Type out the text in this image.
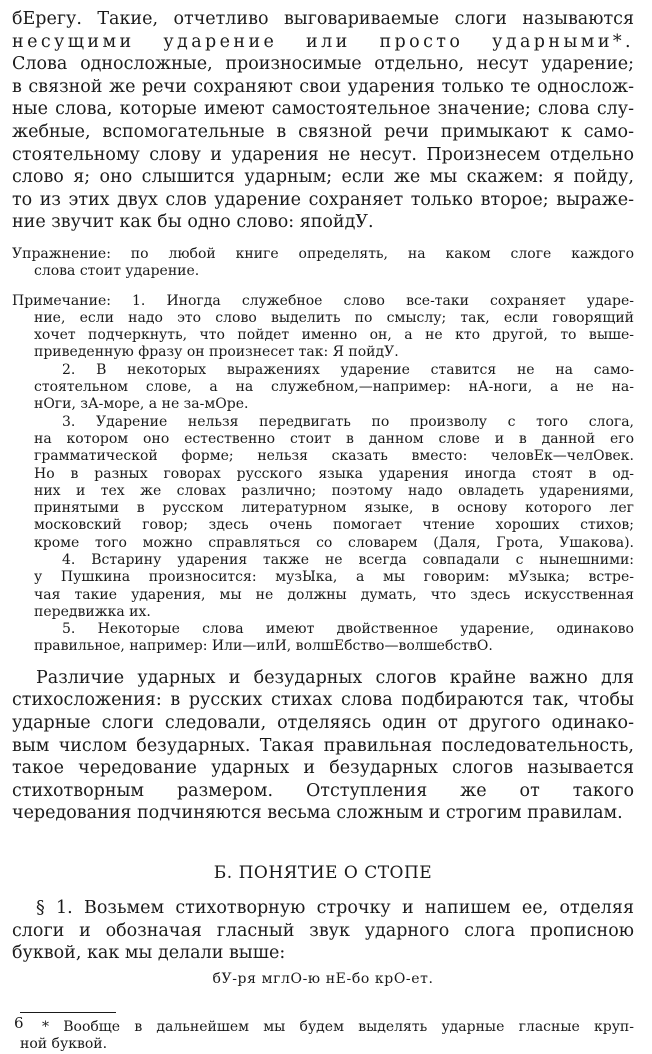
бЕрегу. Такие, отчетливо выговариваемые слоги называются
несущими ударение или просто ударными*.
Слова односложные, произносимые отдельно, несут ударение;
в связной же речи сохраняют свои ударения только те однослож-
ные слова, которые имеют самостоятельное значение; слова слу-
жебные, вспомогательные в связной речи примыкают к само-
стоятельному слову и ударения не несут. Произнесем отдельно
слово я; оно слышится ударным; если же мы скажем: я пойду,
то из этих двух слов ударение сохраняет только второе; выраже-
ние звучит как бы одно слово: япойдУ.
Упражнение: по любой книге определять, на каком слоге каждого
слова стоит ударение.
Примечание: 1. Иногда служебное слово все-таки сохраняет ударе-
ние, если надо это слово выделить по смыслу; так, если говорящий
хочет подчеркнуть, что пойдет именно он, а не кто другой, то выше-
приведенную фразу он произнесет так: Я пойдУ.
2. В некоторых выражениях ударение ставится не на само-
стоятельном слове, а на служебном,—например: нА-ноги, а не на-
нОги, зА-море, а не за-мОре.
3. Ударение нельзя передвигать по произволу с того слога,
на котором оно естественно стоит в данном слове и в данной его
грамматической форме; нельзя сказать вместо: человЕк—челОвек.
Но в разных говорах русского языка ударения иногда стоят в од-
них и тех же словах различно; поэтому надо овладеть ударениями,
принятыми в русском литературном языке, в основу которого лег
московский говор; здесь очень помогает чтение хороших стихов;
кроме того можно справляться со словарем (Даля, Грота, Ушакова).
4. Встарину ударения также не всегда совпадали с нынешними:
у Пушкина произносится: музЫка, а мы говорим: мУзыка; встре-
чая такие ударения, мы не должны думать, что здесь искусственная
передвижка их.
5. Некоторые слова имеют двойственное ударение, одинаково
правильное, например: Или—илИ, волшЕбство—волшебствО.
Различие ударных и безударных слогов крайне важно для
стихосложения: в русских стихах слова подбираются так, чтобы
ударные слоги следовали, отделяясь один от другого одинако-
вым числом безударных. Такая правильная последовательность,
такое чередование ударных и безударных слогов называется
стихотворным размером. Отступления же от такого
чередования подчиняются весьма сложным и строгим правилам.
Б. ПОНЯТИЕ О СТОПЕ
§ 1. Возьмем стихотворную строчку и напишем ее, отделяя
слоги и обозначая гласный звук ударного слога прописною
буквой, как мы делали выше:
бУ-ря мглО-ю нЕ-бо крО-ет.
* Вообще в дальнейшем мы будем выделять ударные гласные круп-
ной буквой.
6
